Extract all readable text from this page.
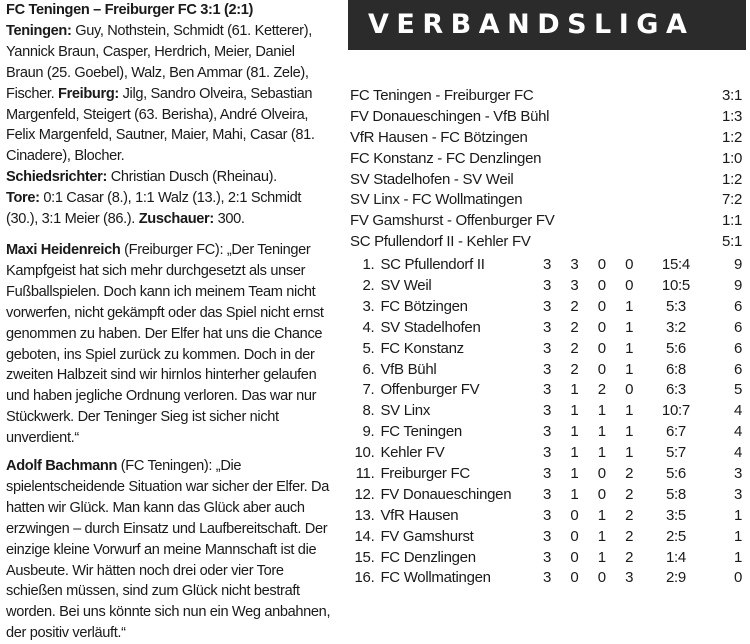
FC Teningen – Freiburger FC 3:1 (2:1)
Teningen: Guy, Nothstein, Schmidt (61. Ketterer), Yannick Braun, Casper, Herdrich, Meier, Daniel Braun (25. Goebel), Walz, Ben Ammar (81. Zele), Fischer. Freiburg: Jilg, Sandro Olveira, Sebastian Margenfeld, Steigert (63. Berisha), André Olveira, Felix Margenfeld, Sautner, Maier, Mahi, Casar (81. Cinadere), Blocher.
Schiedsrichter: Christian Dusch (Rheinau).
Tore: 0:1 Casar (8.), 1:1 Walz (13.), 2:1 Schmidt (30.), 3:1 Meier (86.). Zuschauer: 300.

Maxi Heidenreich (Freiburger FC): „Der Teninger Kampfgeist hat sich mehr durchgesetzt als unser Fußballspielen. Doch kann ich meinem Team nicht vorwerfen, nicht gekämpft oder das Spiel nicht ernst genommen zu haben. Der Elfer hat uns die Chance geboten, ins Spiel zurück zu kommen. Doch in der zweiten Halbzeit sind wir hirnlos hinterher gelaufen und haben jegliche Ordnung verloren. Das war nur Stückwerk. Der Teninger Sieg ist sicher nicht unverdient.“

Adolf Bachmann (FC Teningen): „Die spielentscheidende Situation war sicher der Elfer. Da hatten wir Glück. Man kann das Glück aber auch erzwingen – durch Einsatz und Laufbereitschaft. Der einzige kleine Vorwurf an meine Mannschaft ist die Ausbeute. Wir hätten noch drei oder vier Tore schießen müssen, sind zum Glück nicht bestraft worden. Bei uns könnte sich nun ein Weg anbahnen, der positiv verläuft.“

VERBANDSLIGA
FC Teningen - Freiburger FC	3:1
FV Donaueschingen - VfB Bühl	1:3
VfR Hausen - FC Bötzingen	1:2
FC Konstanz - FC Denzlingen	1:0
SV Stadelhofen - SV Weil	1:2
SV Linx - FC Wollmatingen	7:2
FV Gamshurst - Offenburger FV	1:1
SC Pfullendorf II - Kehler FV	5:1
1. SC Pfullendorf II	3	3	0	0	15:4	9
2. SV Weil	3	3	0	0	10:5	9
3. FC Bötzingen	3	2	0	1	5:3	6
4. SV Stadelhofen	3	2	0	1	3:2	6
5. FC Konstanz	3	2	0	1	5:6	6
6. VfB Bühl	3	2	0	1	6:8	6
7. Offenburger FV	3	1	2	0	6:3	5
8. SV Linx	3	1	1	1	10:7	4
9. FC Teningen	3	1	1	1	6:7	4
10. Kehler FV	3	1	1	1	5:7	4
11. Freiburger FC	3	1	0	2	5:6	3
12. FV Donaueschingen	3	1	0	2	5:8	3
13. VfR Hausen	3	0	1	2	3:5	1
14. FV Gamshurst	3	0	1	2	2:5	1
15. FC Denzlingen	3	0	1	2	1:4	1
16. FC Wollmatingen	3	0	0	3	2:9	0
